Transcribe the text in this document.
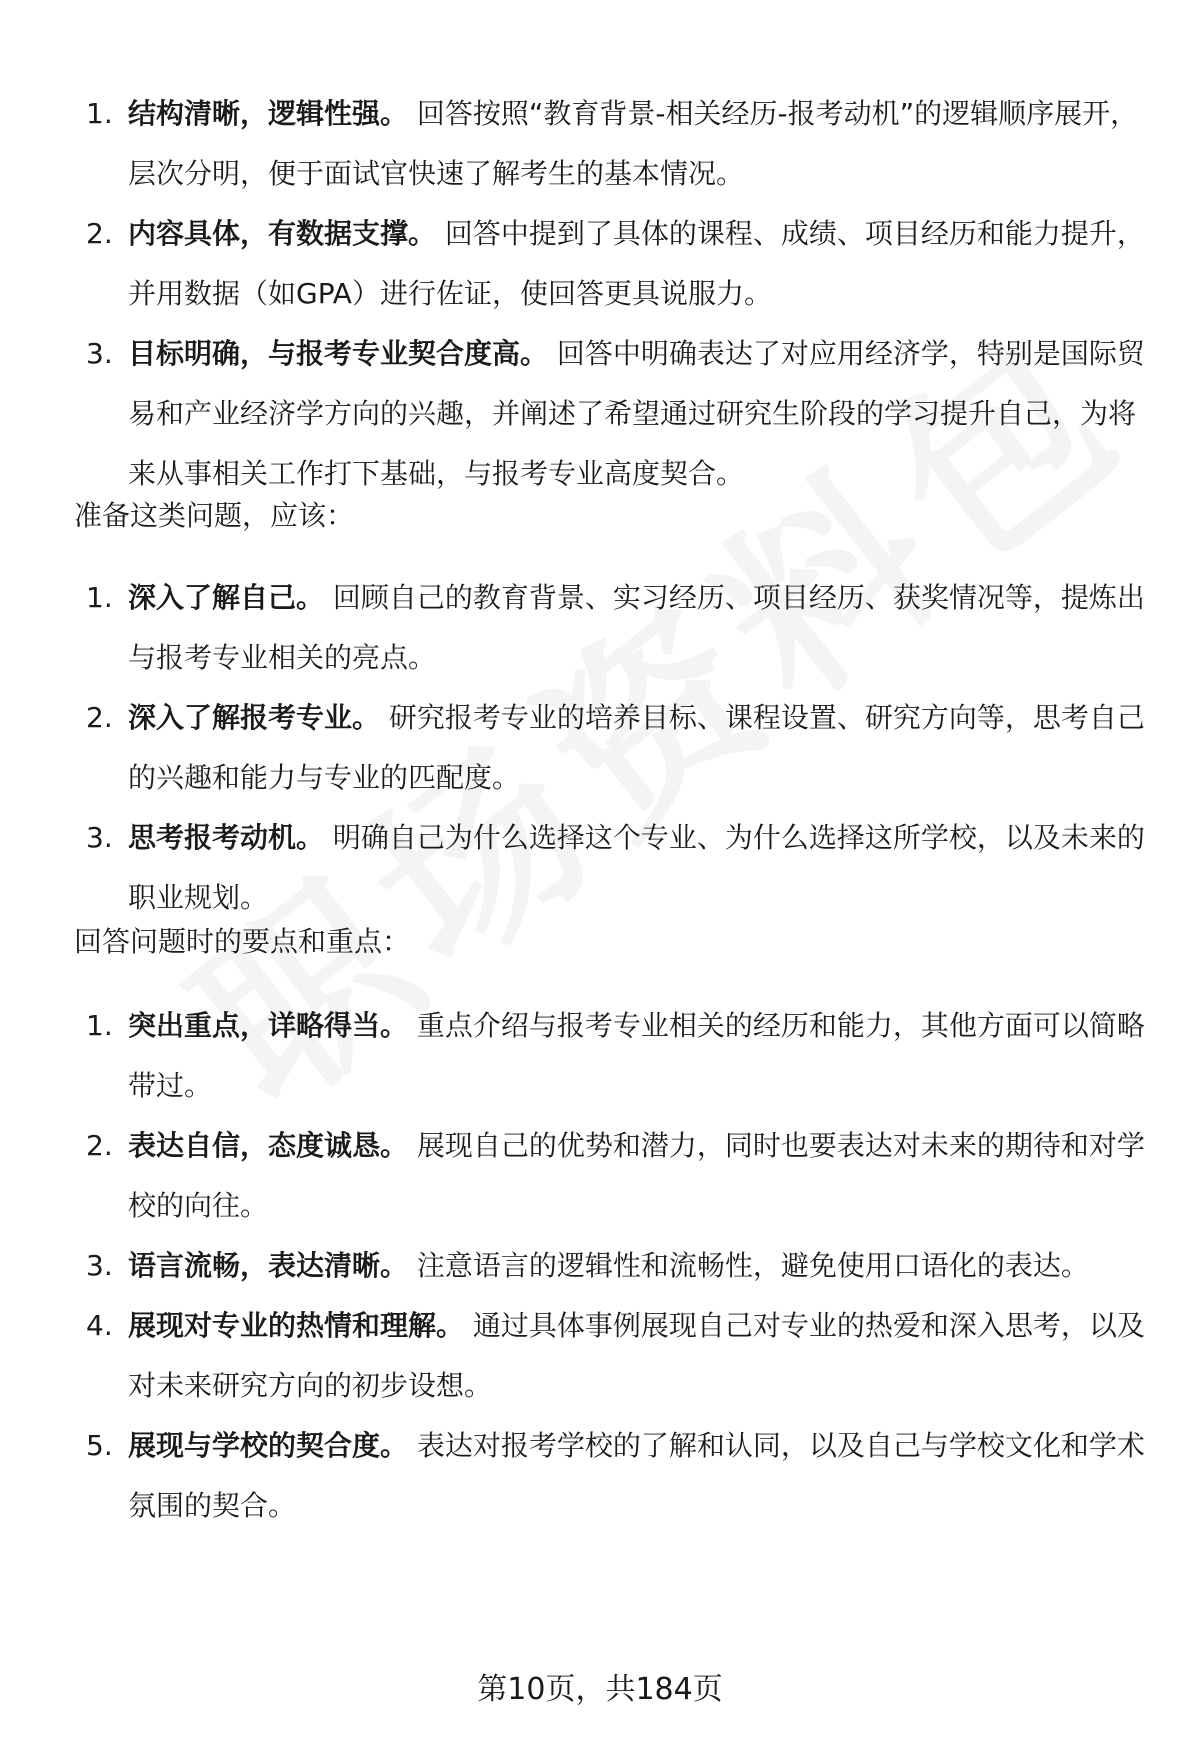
1. 结构清晰，逻辑性强。 回答按照“教育背景-相关经历-报考动机”的逻辑顺序展开，层次分明，便于面试官快速了解考生的基本情况。
2. 内容具体，有数据支撑。 回答中提到了具体的课程、成绩、项目经历和能力提升，并用数据（如GPA）进行佐证，使回答更具说服力。
3. 目标明确，与报考专业契合度高。 回答中明确表达了对应用经济学，特别是国际贸易和产业经济学方向的兴趣，并阐述了希望通过研究生阶段的学习提升自己，为将来从事相关工作打下基础，与报考专业高度契合。

准备这类问题，应该：

1. 深入了解自己。 回顾自己的教育背景、实习经历、项目经历、获奖情况等，提炼出与报考专业相关的亮点。
2. 深入了解报考专业。 研究报考专业的培养目标、课程设置、研究方向等，思考自己的兴趣和能力与专业的匹配度。
3. 思考报考动机。 明确自己为什么选择这个专业、为什么选择这所学校，以及未来的职业规划。

回答问题时的要点和重点：

1. 突出重点，详略得当。 重点介绍与报考专业相关的经历和能力，其他方面可以简略带过。
2. 表达自信，态度诚恳。 展现自己的优势和潜力，同时也要表达对未来的期待和对学校的向往。
3. 语言流畅，表达清晰。 注意语言的逻辑性和流畅性，避免使用口语化的表达。
4. 展现对专业的热情和理解。 通过具体事例展现自己对专业的热爱和深入思考，以及对未来研究方向的初步设想。
5. 展现与学校的契合度。 表达对报考学校的了解和认同，以及自己与学校文化和学术氛围的契合。
第10页，共184页
